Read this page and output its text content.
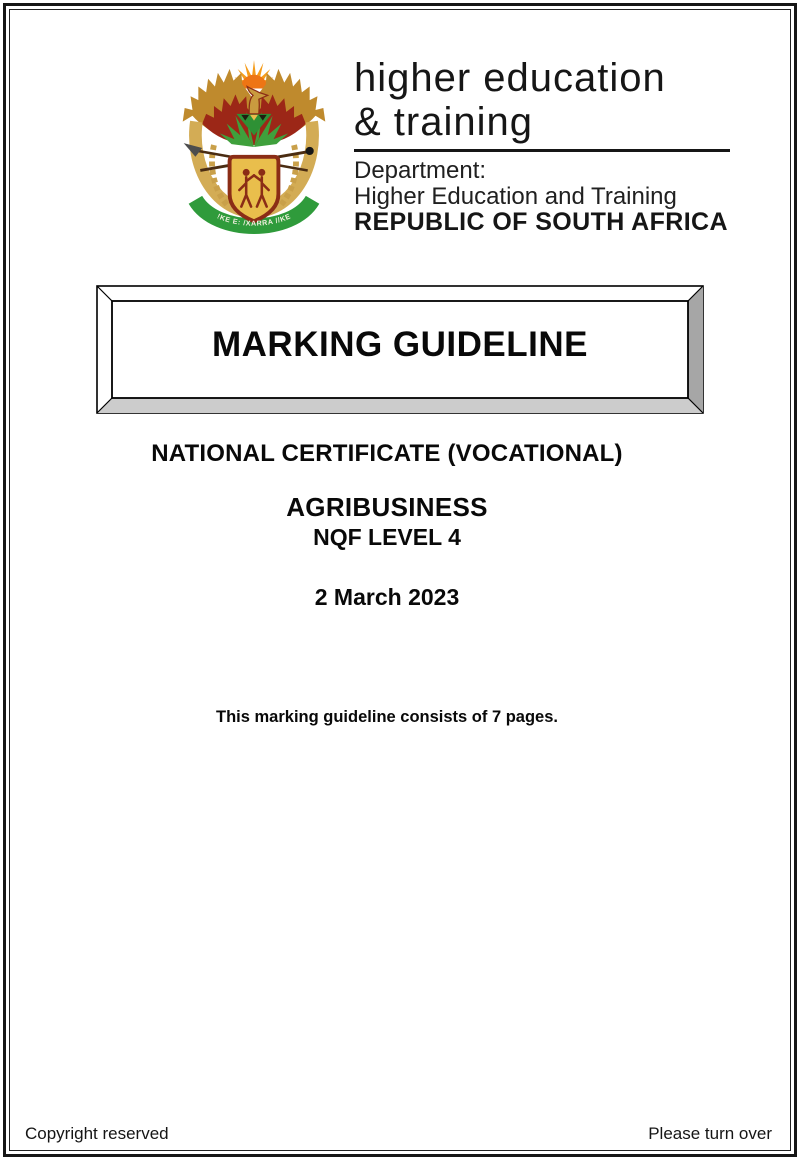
!KE E: /XARRA //KE
higher education
& training
Department:
Higher Education and Training
REPUBLIC OF SOUTH AFRICA
MARKING GUIDELINE
NATIONAL CERTIFICATE (VOCATIONAL)
AGRIBUSINESS
NQF LEVEL 4
2 March 2023
This marking guideline consists of 7 pages.
Copyright reserved	Please turn over
